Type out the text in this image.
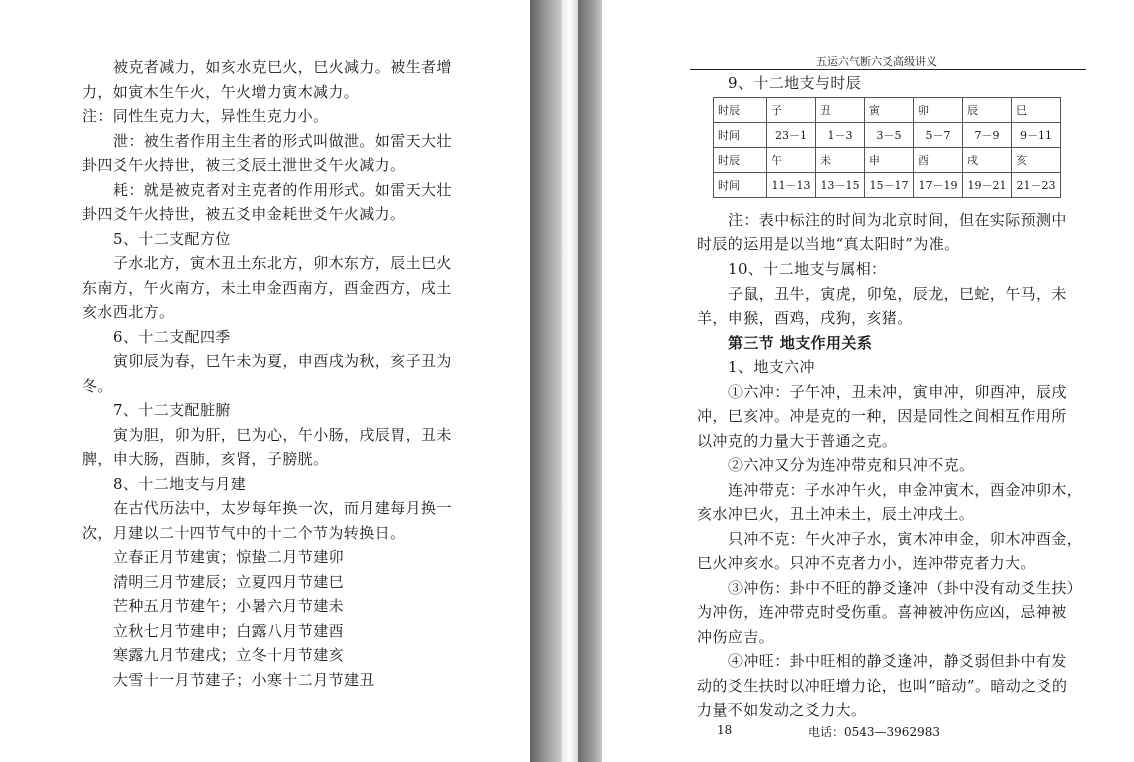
被克者减力，如亥水克巳火，巳火减力。被生者增
力，如寅木生午火，午火增力寅木减力。
注：同性生克力大，异性生克力小。
泄：被生者作用主生者的形式叫做泄。如雷天大壮
卦四爻午火持世，被三爻辰土泄世爻午火减力。
耗：就是被克者对主克者的作用形式。如雷天大壮
卦四爻午火持世，被五爻申金耗世爻午火减力。
5、十二支配方位
子水北方，寅木丑土东北方，卯木东方，辰土巳火
东南方，午火南方，未土申金西南方，酉金西方，戌土
亥水西北方。
6、十二支配四季
寅卯辰为春，巳午未为夏，申酉戌为秋，亥子丑为
冬。
7、十二支配脏腑
寅为胆，卯为肝，巳为心，午小肠，戌辰胃，丑未
脾，申大肠，酉肺，亥肾，子膀胱。
8、十二地支与月建
在古代历法中，太岁每年换一次，而月建每月换一
次，月建以二十四节气中的十二个节为转换日。
立春正月节建寅；惊蛰二月节建卯
清明三月节建辰；立夏四月节建巳
芒种五月节建午；小暑六月节建未
立秋七月节建申；白露八月节建酉
寒露九月节建戌；立冬十月节建亥
大雪十一月节建子；小寒十二月节建丑
五运六气断六爻高级讲义
9、十二地支与时辰
时辰	子	丑	寅	卯	辰	巳
时间	23－1	1－3	3－5	5－7	7－9	9－11
时辰	午	未	申	酉	戌	亥
时间	11－13	13－15	15－17	17－19	19－21	21－23
注：表中标注的时间为北京时间，但在实际预测中
时辰的运用是以当地“真太阳时”为准。
10、十二地支与属相：
子鼠，丑牛，寅虎，卯兔，辰龙，巳蛇，午马，未
羊，申猴，酉鸡，戌狗，亥猪。
第三节 地支作用关系
1、地支六冲
①六冲：子午冲，丑未冲，寅申冲，卯酉冲，辰戌
冲，巳亥冲。冲是克的一种，因是同性之间相互作用所
以冲克的力量大于普通之克。
②六冲又分为连冲带克和只冲不克。
连冲带克：子水冲午火，申金冲寅木，酉金冲卯木，
亥水冲巳火，丑土冲未土，辰土冲戌土。
只冲不克：午火冲子水，寅木冲申金，卯木冲酉金，
巳火冲亥水。只冲不克者力小，连冲带克者力大。
③冲伤：卦中不旺的静爻逢冲（卦中没有动爻生扶）
为冲伤，连冲带克时受伤重。喜神被冲伤应凶，忌神被
冲伤应吉。
④冲旺：卦中旺相的静爻逢冲，静爻弱但卦中有发
动的爻生扶时以冲旺增力论，也叫“暗动”。暗动之爻的
力量不如发动之爻力大。
18	电话：0543—3962983
